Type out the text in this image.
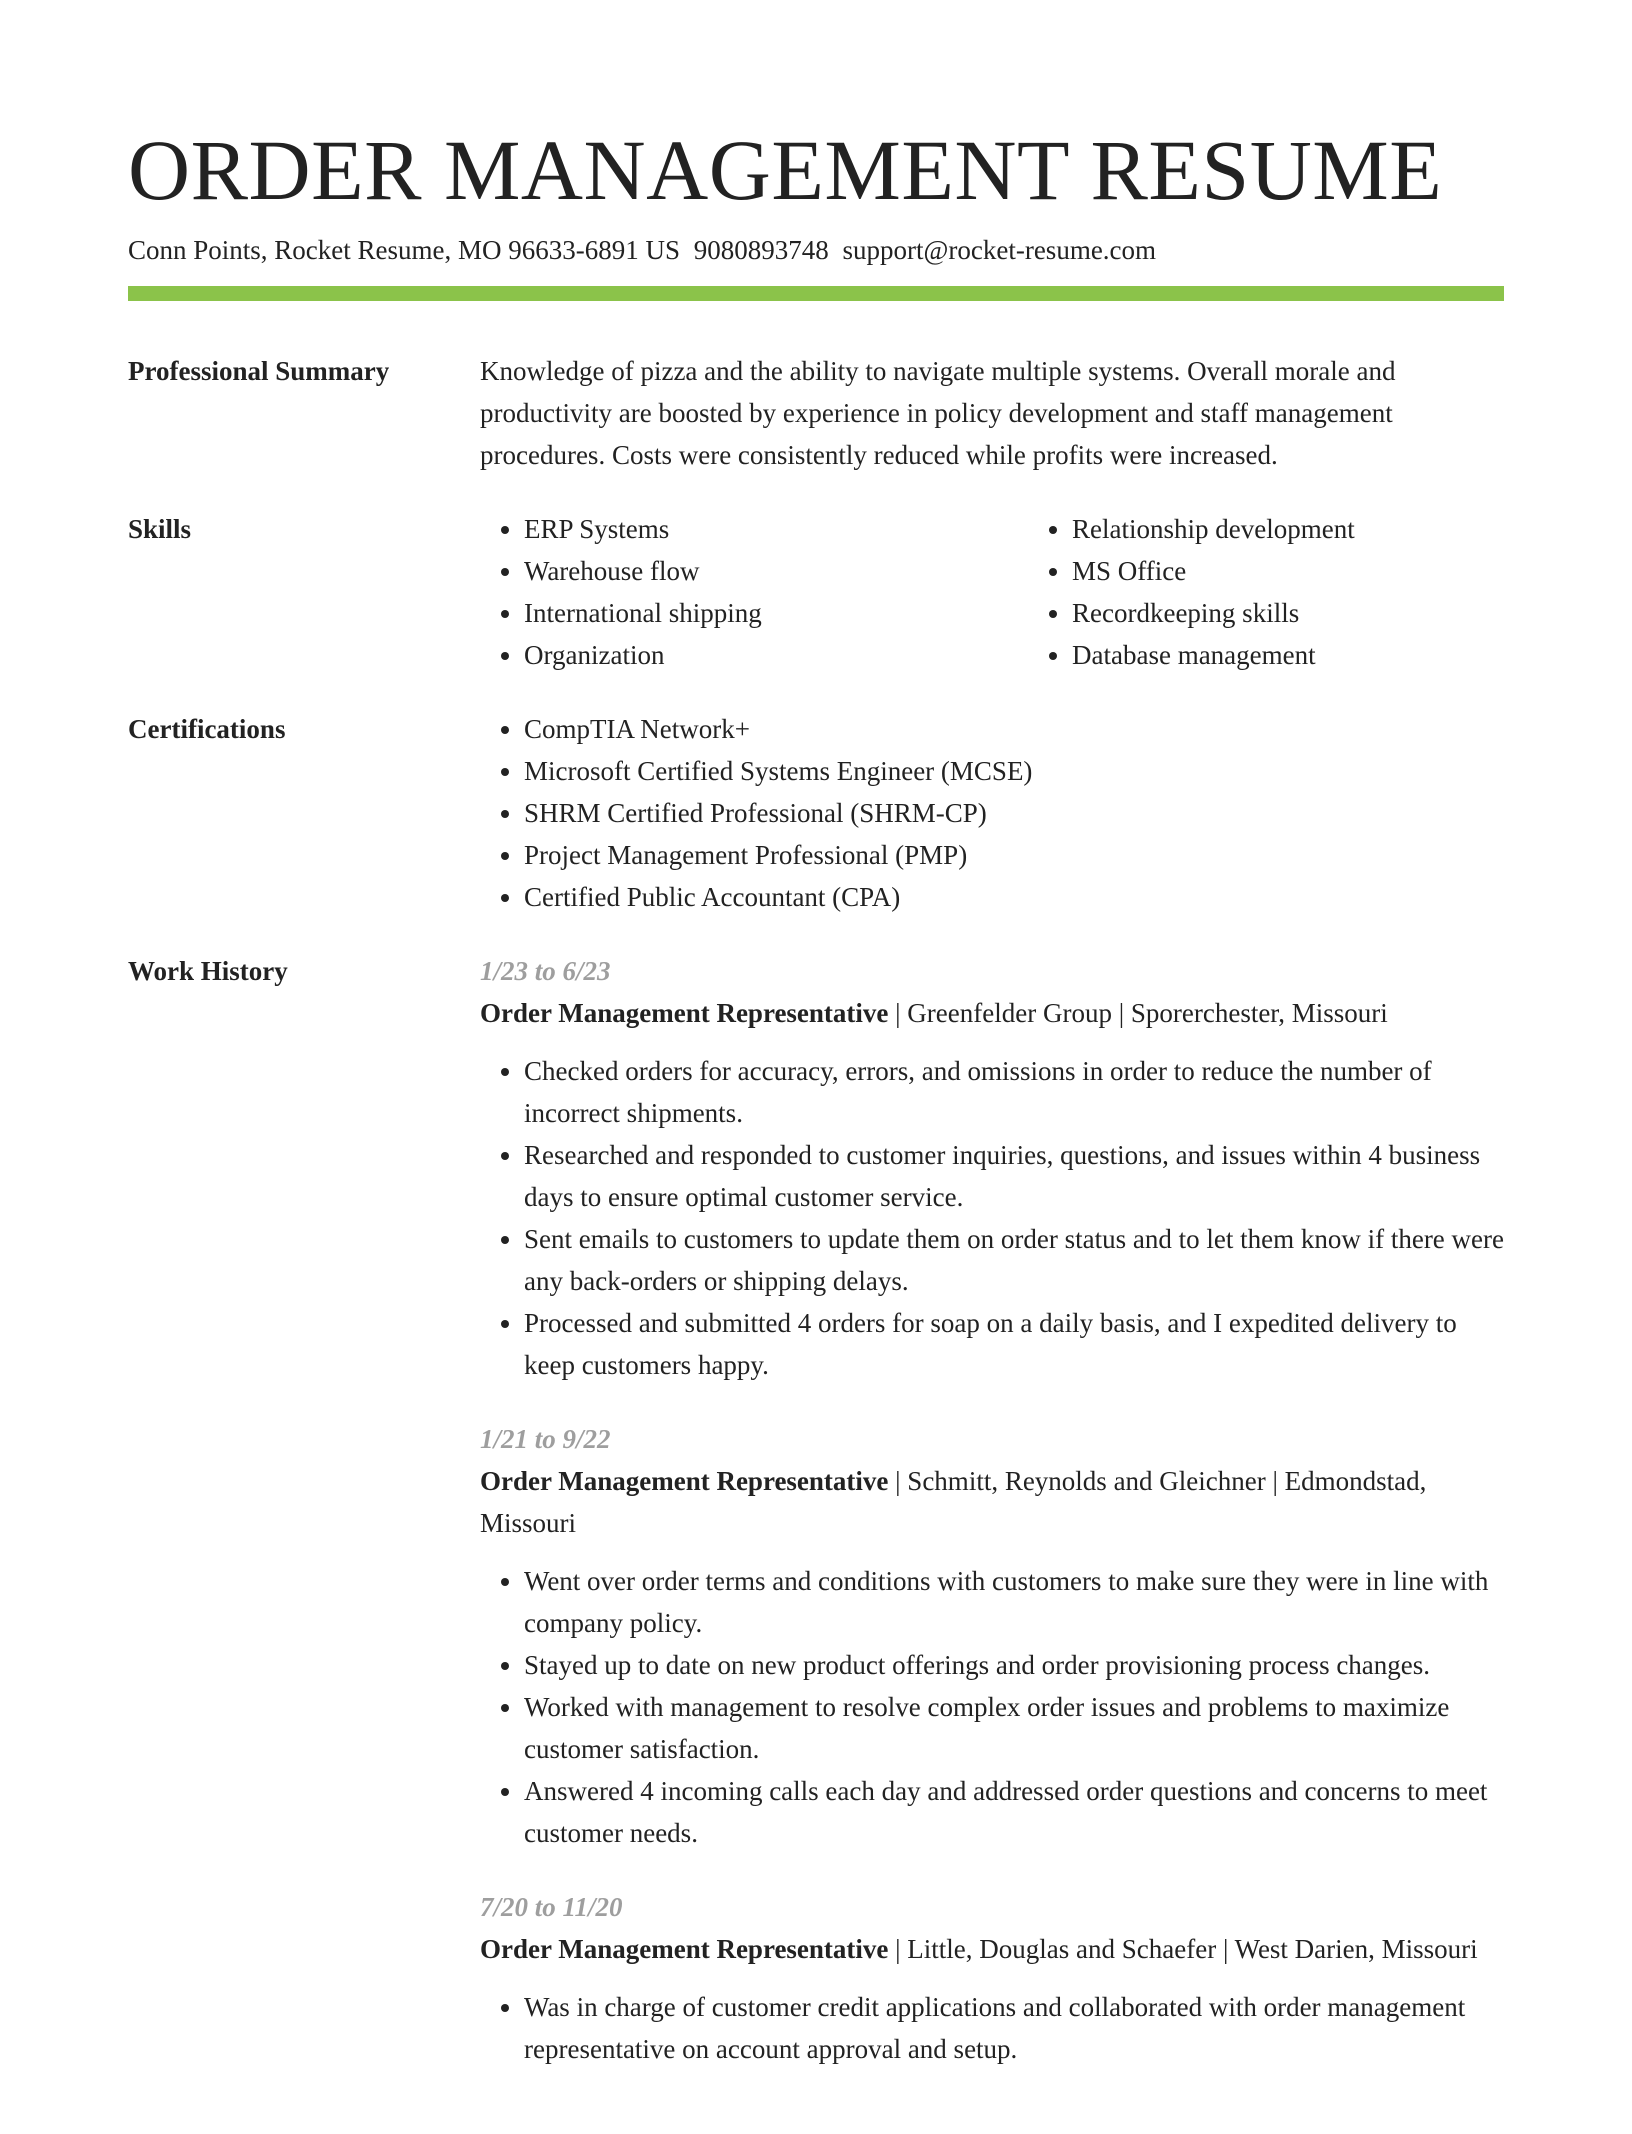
ORDER MANAGEMENT RESUME
Conn Points, Rocket Resume, MO 96633-6891 US 9080893748 support@rocket-resume.com
Professional Summary	Knowledge of pizza and the ability to navigate multiple systems. Overall morale and productivity are boosted by experience in policy development and staff management procedures. Costs were consistently reduced while profits were increased.

Skills	• ERP Systems
• Warehouse flow
• International shipping
• Organization
• Relationship development
• MS Office
• Recordkeeping skills
• Database management
Certifications	• CompTIA Network+
• Microsoft Certified Systems Engineer (MCSE)
• SHRM Certified Professional (SHRM-CP)
• Project Management Professional (PMP)
• Certified Public Accountant (CPA)
Work History	1/23 to 6/23
Order Management Representative | Greenfelder Group | Sporerchester, Missouri
• Checked orders for accuracy, errors, and omissions in order to reduce the number of incorrect shipments.
• Researched and responded to customer inquiries, questions, and issues within 4 business days to ensure optimal customer service.
• Sent emails to customers to update them on order status and to let them know if there were any back-orders or shipping delays.
• Processed and submitted 4 orders for soap on a daily basis, and I expedited delivery to keep customers happy.
1/21 to 9/22
Order Management Representative | Schmitt, Reynolds and Gleichner | Edmondstad, Missouri
• Went over order terms and conditions with customers to make sure they were in line with company policy.
• Stayed up to date on new product offerings and order provisioning process changes.
• Worked with management to resolve complex order issues and problems to maximize customer satisfaction.
• Answered 4 incoming calls each day and addressed order questions and concerns to meet customer needs.
7/20 to 11/20
Order Management Representative | Little, Douglas and Schaefer | West Darien, Missouri
• Was in charge of customer credit applications and collaborated with order management representative on account approval and setup.
